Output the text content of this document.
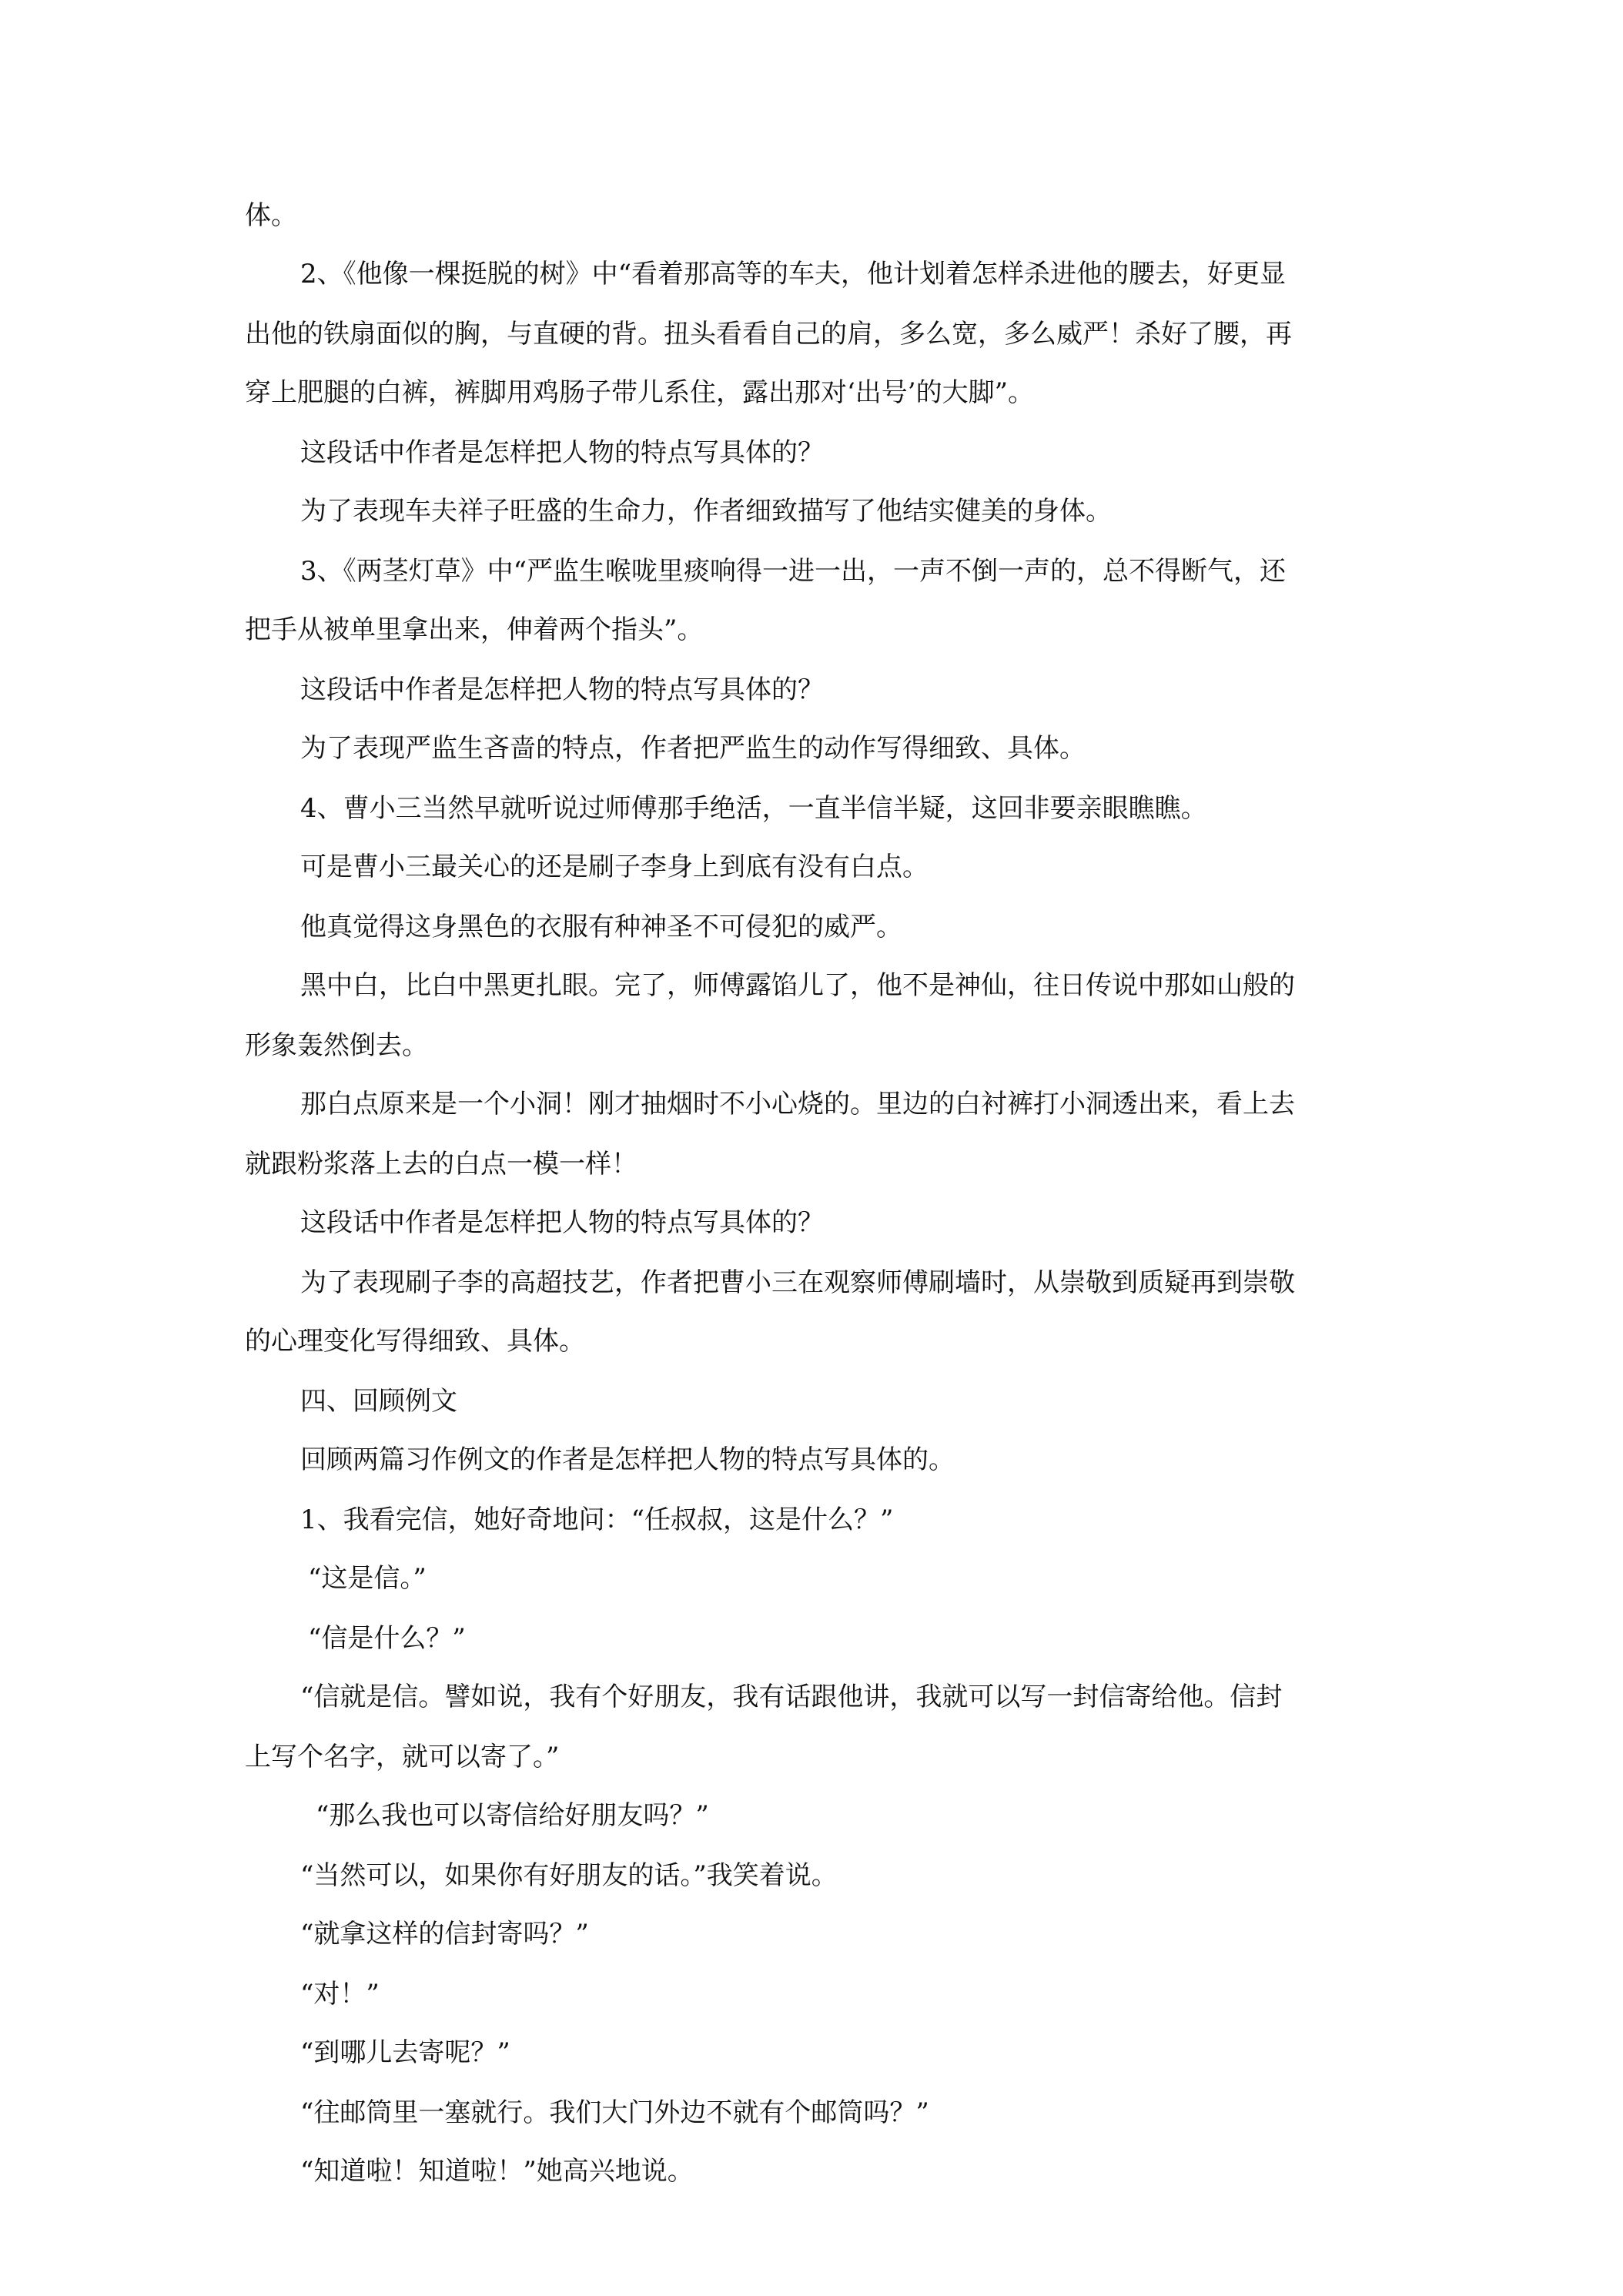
体。
2、《他像一棵挺脱的树》中“看着那高等的车夫，他计划着怎样杀进他的腰去，好更显
出他的铁扇面似的胸，与直硬的背。扭头看看自己的肩，多么宽，多么威严！杀好了腰，再
穿上肥腿的白裤，裤脚用鸡肠子带儿系住，露出那对‘出号’的大脚”。
这段话中作者是怎样把人物的特点写具体的？
为了表现车夫祥子旺盛的生命力，作者细致描写了他结实健美的身体。
3、《两茎灯草》中“严监生喉咙里痰响得一进一出，一声不倒一声的，总不得断气，还
把手从被单里拿出来，伸着两个指头”。
这段话中作者是怎样把人物的特点写具体的？
为了表现严监生吝啬的特点，作者把严监生的动作写得细致、具体。
4、曹小三当然早就听说过师傅那手绝活，一直半信半疑，这回非要亲眼瞧瞧。
可是曹小三最关心的还是刷子李身上到底有没有白点。
他真觉得这身黑色的衣服有种神圣不可侵犯的威严。
黑中白，比白中黑更扎眼。完了，师傅露馅儿了，他不是神仙，往日传说中那如山般的
形象轰然倒去。
那白点原来是一个小洞！刚才抽烟时不小心烧的。里边的白衬裤打小洞透出来，看上去
就跟粉浆落上去的白点一模一样！
这段话中作者是怎样把人物的特点写具体的？
为了表现刷子李的高超技艺，作者把曹小三在观察师傅刷墙时，从崇敬到质疑再到崇敬
的心理变化写得细致、具体。
四、回顾例文
回顾两篇习作例文的作者是怎样把人物的特点写具体的。
1、我看完信，她好奇地问：“任叔叔，这是什么？”
“这是信。”
“信是什么？”
“信就是信。譬如说，我有个好朋友，我有话跟他讲，我就可以写一封信寄给他。信封
上写个名字，就可以寄了。”
“那么我也可以寄信给好朋友吗？”
“当然可以，如果你有好朋友的话。”我笑着说。
“就拿这样的信封寄吗？”
“对！”
“到哪儿去寄呢？”
“往邮筒里一塞就行。我们大门外边不就有个邮筒吗？”
“知道啦！知道啦！”她高兴地说。
